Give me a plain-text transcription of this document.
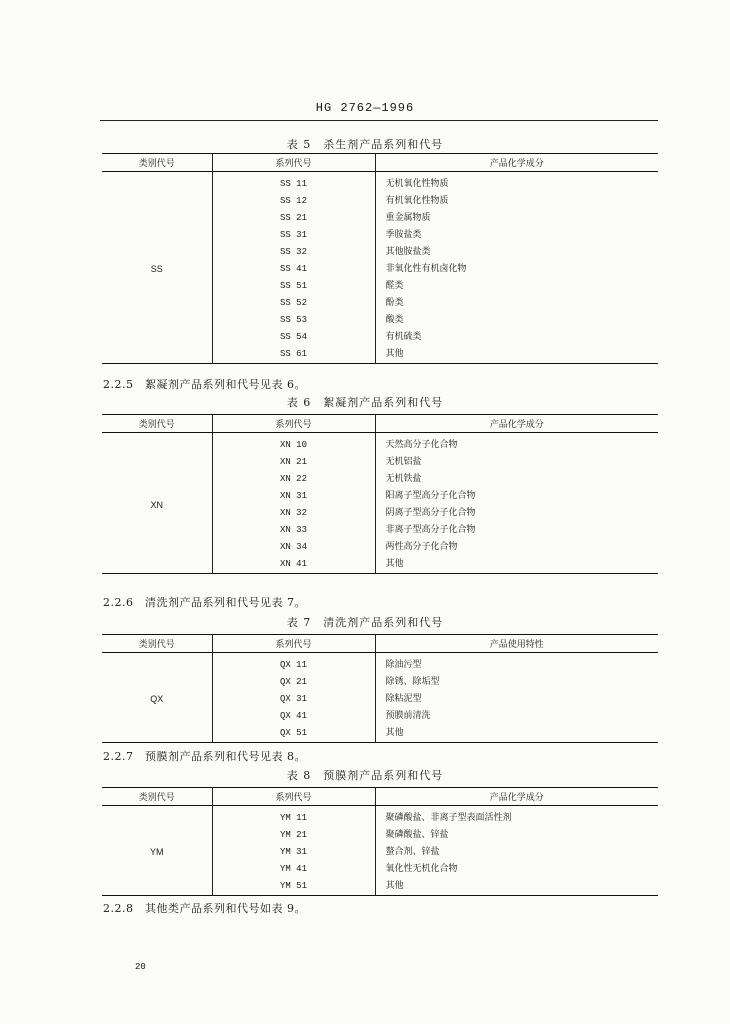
HG 2762—1996
表 5　杀生剂产品系列和代号
类别代号	系列代号	产品化学成分
SS	SS 11	无机氧化性物质
	SS 12	有机氧化性物质
	SS 21	重金属物质
	SS 31	季胺盐类
	SS 32	其他胺盐类
	SS 41	非氧化性有机卤化物
	SS 51	醛类
	SS 52	酚类
	SS 53	酸类
	SS 54	有机硫类
	SS 61	其他
2.2.5　絮凝剂产品系列和代号见表 6。
表 6　絮凝剂产品系列和代号
类别代号	系列代号	产品化学成分
XN	XN 10	天然高分子化合物
	XN 21	无机铝盐
	XN 22	无机铁盐
	XN 31	阳离子型高分子化合物
	XN 32	阴离子型高分子化合物
	XN 33	非离子型高分子化合物
	XN 34	两性高分子化合物
	XN 41	其他
2.2.6　清洗剂产品系列和代号见表 7。
表 7　清洗剂产品系列和代号
类别代号	系列代号	产品使用特性
QX	QX 11	除油污型
	QX 21	除锈、除垢型
	QX 31	除粘泥型
	QX 41	预膜前清洗
	QX 51	其他
2.2.7　预膜剂产品系列和代号见表 8。
表 8　预膜剂产品系列和代号
类别代号	系列代号	产品化学成分
YM	YM 11	聚磷酸盐、非离子型表面活性剂
	YM 21	聚磷酸盐、锌盐
	YM 31	螯合剂、锌盐
	YM 41	氧化性无机化合物
	YM 51	其他
2.2.8　其他类产品系列和代号如表 9。
20
